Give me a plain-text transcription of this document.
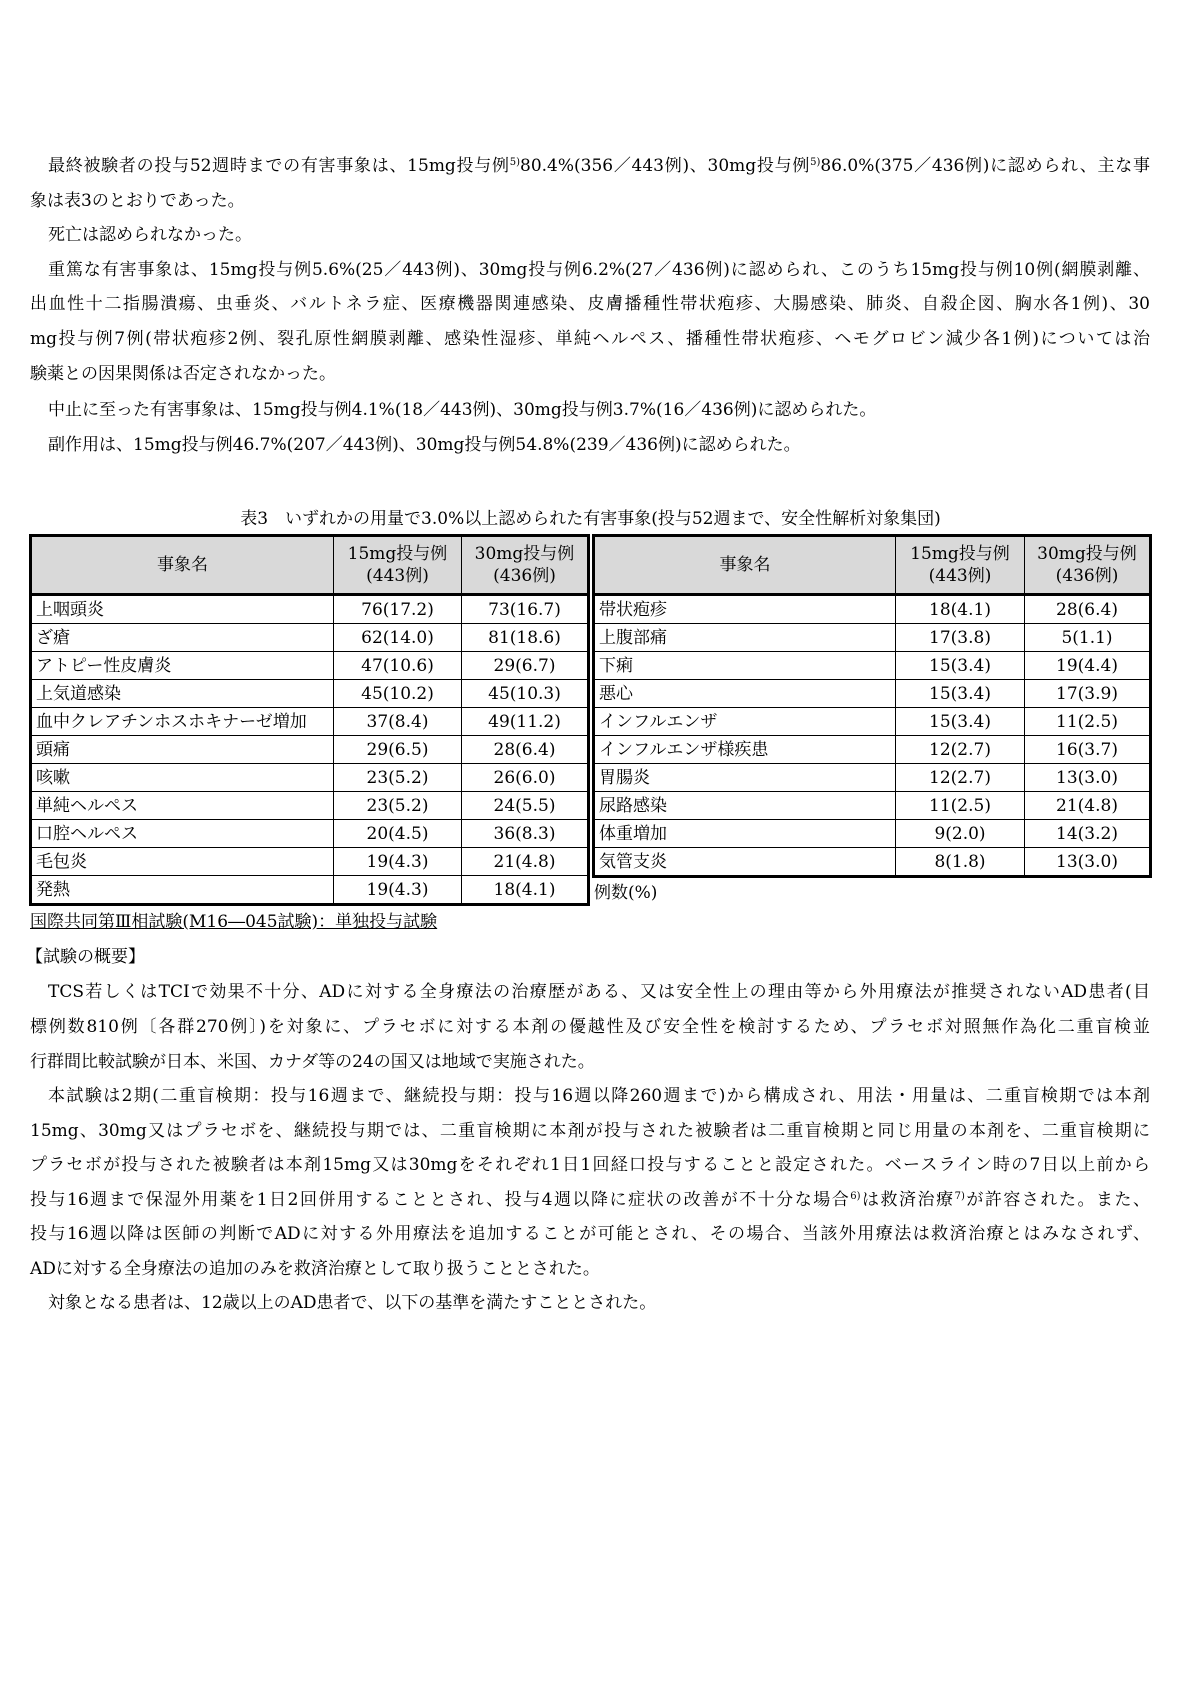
最終被験者の投与52週時までの有害事象は、15mg投与例$^{5)}$80.4%(356／443例)、30mg投与例$^{5)}$86.0%(375／436例)に認められ、主な事
象は表3のとおりであった。
死亡は認められなかった。
重篤な有害事象は、15mg投与例5.6%(25／443例)、30mg投与例6.2%(27／436例)に認められ、このうち15mg投与例10例(網膜剥離、
出血性十二指腸潰瘍、虫垂炎、バルトネラ症、医療機器関連感染、皮膚播種性帯状疱疹、大腸感染、肺炎、自殺企図、胸水各1例)、30
mg投与例7例(帯状疱疹2例、裂孔原性網膜剥離、感染性湿疹、単純ヘルペス、播種性帯状疱疹、ヘモグロビン減少各1例)については治
験薬との因果関係は否定されなかった。
中止に至った有害事象は、15mg投与例4.1%(18／443例)、30mg投与例3.7%(16／436例)に認められた。
副作用は、15mg投与例46.7%(207／443例)、30mg投与例54.8%(239／436例)に認められた。
表3　いずれかの用量で3.0%以上認められた有害事象(投与52週まで、安全性解析対象集団)
事象名	15mg投与例
(443例)	30mg投与例
(436例)
上咽頭炎	76(17.2)	73(16.7)
ざ瘡	62(14.0)	81(18.6)
アトピー性皮膚炎	47(10.6)	29(6.7)
上気道感染	45(10.2)	45(10.3)
血中クレアチンホスホキナーゼ増加	37(8.4)	49(11.2)
頭痛	29(6.5)	28(6.4)
咳嗽	23(5.2)	26(6.0)
単純ヘルペス	23(5.2)	24(5.5)
口腔ヘルペス	20(4.5)	36(8.3)
毛包炎	19(4.3)	21(4.8)
発熱	19(4.3)	18(4.1)
事象名	15mg投与例
(443例)	30mg投与例
(436例)
帯状疱疹	18(4.1)	28(6.4)
上腹部痛	17(3.8)	5(1.1)
下痢	15(3.4)	19(4.4)
悪心	15(3.4)	17(3.9)
インフルエンザ	15(3.4)	11(2.5)
インフルエンザ様疾患	12(2.7)	16(3.7)
胃腸炎	12(2.7)	13(3.0)
尿路感染	11(2.5)	21(4.8)
体重増加	9(2.0)	14(3.2)
気管支炎	8(1.8)	13(3.0)
例数(%)
国際共同第Ⅲ相試験(M16―045試験)：単独投与試験
【試験の概要】
TCS若しくはTCIで効果不十分、ADに対する全身療法の治療歴がある、又は安全性上の理由等から外用療法が推奨されないAD患者(目
標例数810例〔各群270例〕)を対象に、プラセボに対する本剤の優越性及び安全性を検討するため、プラセボ対照無作為化二重盲検並
行群間比較試験が日本、米国、カナダ等の24の国又は地域で実施された。
本試験は2期(二重盲検期：投与16週まで、継続投与期：投与16週以降260週まで)から構成され、用法・用量は、二重盲検期では本剤
15mg、30mg又はプラセボを、継続投与期では、二重盲検期に本剤が投与された被験者は二重盲検期と同じ用量の本剤を、二重盲検期に
プラセボが投与された被験者は本剤15mg又は30mgをそれぞれ1日1回経口投与することと設定された。ベースライン時の7日以上前から
投与16週まで保湿外用薬を1日2回併用することとされ、投与4週以降に症状の改善が不十分な場合$^{6)}$は救済治療$^{7)}$が許容された。また、
投与16週以降は医師の判断でADに対する外用療法を追加することが可能とされ、その場合、当該外用療法は救済治療とはみなされず、
ADに対する全身療法の追加のみを救済治療として取り扱うこととされた。
対象となる患者は、12歳以上のAD患者で、以下の基準を満たすこととされた。
